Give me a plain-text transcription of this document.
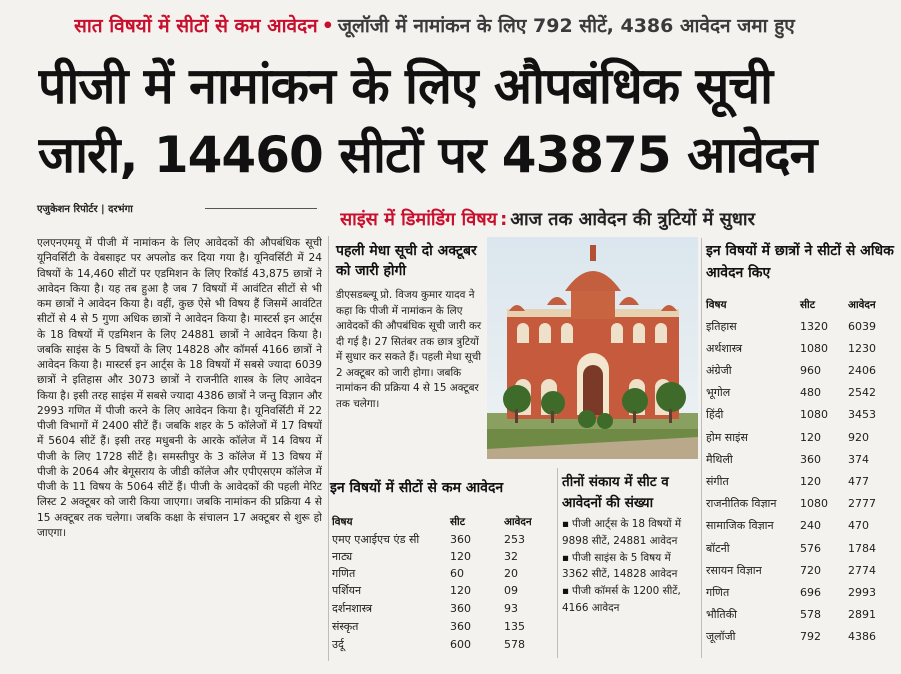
सात विषयों में सीटों से कम आवेदन • जूलॉजी में नामांकन के लिए 792 सीटें, 4386 आवेदन जमा हुए
पीजी में नामांकन के लिए औपबंधिक सूची
जारी, 14460 सीटों पर 43875 आवेदन
एजुकेशन रिपोर्टर | दरभंगा
एलएनएमयू में पीजी में नामांकन के लिए आवेदकों की औपबंधिक सूची यूनिवर्सिटी के वेबसाइट पर अपलोड कर दिया गया है। यूनिवर्सिटी में 24 विषयों के 14,460 सीटों पर एडमिशन के लिए रिकॉर्ड 43,875 छात्रों ने आवेदन किया है। यह तब हुआ है जब 7 विषयों में आवंटित सीटों से भी कम छात्रों ने आवेदन किया है। वहीं, कुछ ऐसे भी विषय हैं जिसमें आवंटित सीटों से 4 से 5 गुणा अधिक छात्रों ने आवेदन किया है। मास्टर्स इन आर्ट्स के 18 विषयों में एडमिशन के लिए 24881 छात्रों ने आवेदन किया है। जबकि साइंस के 5 विषयों के लिए 14828 और कॉमर्स 4166 छात्रों ने आवेदन किया है। मास्टर्स इन आर्ट्स के 18 विषयों में सबसे ज्यादा 6039 छात्रों ने इतिहास और 3073 छात्रों ने राजनीति शास्त्र के लिए आवेदन किया है। इसी तरह साइंस में सबसे ज्यादा 4386 छात्रों ने जन्तु विज्ञान और 2993 गणित में पीजी करने के लिए आवेदन किया है। यूनिवर्सिटी में 22 पीजी विभागों में 2400 सीटें हैं। जबकि शहर के 5 कॉलेजों में 17 विषयों में 5604 सीटें हैं। इसी तरह मधुबनी के आरके कॉलेज में 14 विषय में पीजी के लिए 1728 सीटें है। समस्तीपुर के 3 कॉलेज में 13 विषय में पीजी के 2064 और बेगूसराय के जीडी कॉलेज और एपीएसएम कॉलेज में पीजी के 11 विषय के 5064 सीटें हैं। पीजी के आवेदकों की पहली मेरिट लिस्ट 2 अक्टूबर को जारी किया जाएगा। जबकि नामांकन की प्रक्रिया 4 से 15 अक्टूबर तक चलेगा। जबकि कक्षा के संचालन 17 अक्टूबर से शुरू हो जाएगा।
साइंस में डिमांडिंग विषय : आज तक आवेदन की त्रुटियों में सुधार
पहली मेधा सूची दो अक्टूबर को जारी होगी
डीएसडब्ल्यू प्रो. विजय कुमार यादव ने कहा कि पीजी में नामांकन के लिए आवेदकों की औपबंधिक सूची जारी कर दी गई है। 27 सितंबर तक छात्र त्रुटियों में सुधार कर सकते हैं। पहली मेधा सूची 2 अक्टूबर को जारी होगा। जबकि नामांकन की प्रक्रिया 4 से 15 अक्टूबर तक चलेगा।
इन विषयों में सीटों से कम आवेदन
विषय	सीट	आवेदन
एमए एआईएच एंड सी	360	253
नाट्य	120	32
गणित	60	20
पर्शियन	120	09
दर्शनशास्त्र	360	93
संस्कृत	360	135
उर्दू	600	578
तीनों संकाय में सीट व आवेदनों की संख्या
▪ पीजी आर्ट्स के 18 विषयों में 9898 सीटें, 24881 आवेदन
▪ पीजी साइंस के 5 विषय में 3362 सीटें, 14828 आवेदन
▪ पीजी कॉमर्स के 1200 सीटें, 4166 आवेदन
इन विषयों में छात्रों ने सीटों से अधिक आवेदन किए
विषय	सीट	आवेदन
इतिहास	1320 6039
अर्थशास्त्र	1080 1230
अंग्रेजी	960 2406
भूगोल	480 2542
हिंदी	1080 3453
होम साइंस	120 920
मैथिली	360 374
संगीत	120 477
राजनीतिक विज्ञान 1080 2777
सामाजिक विज्ञान 240 470
बॉटनी	576 1784
रसायन विज्ञान	720 2774
गणित	696 2993
भौतिकी	578 2891
जूलॉजी	792 4386
